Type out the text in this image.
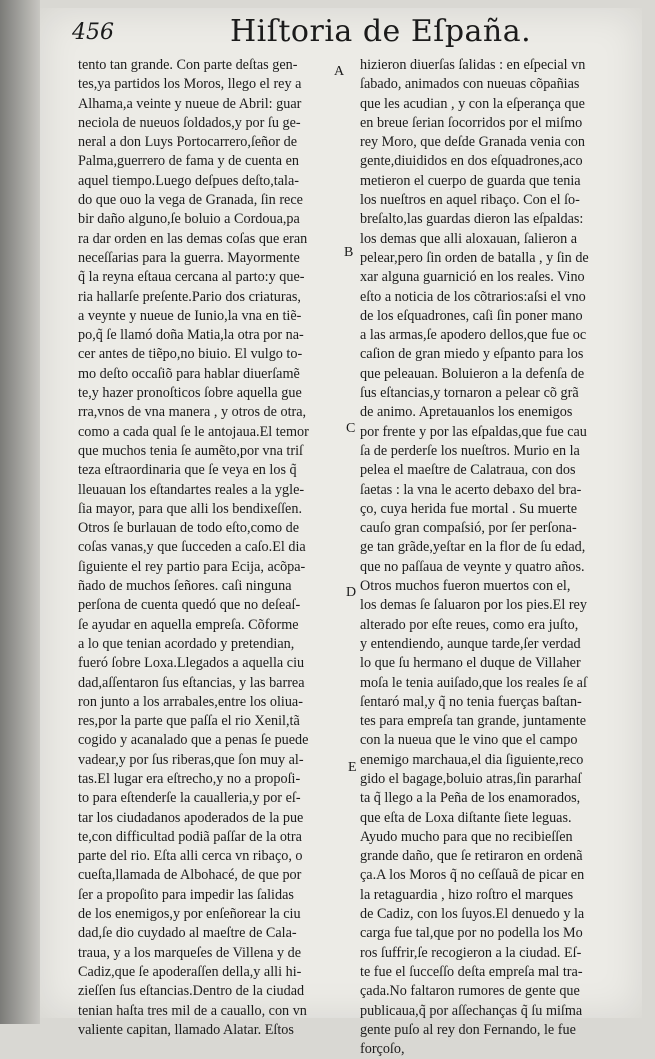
456	Hiſtoria de Eſpaña.
tento tan grande. Con parte deſtas gen-
tes,ya partidos los Moros, llego el rey a
Alhama,a veinte y nueue de Abril: guar
neciola de nueuos ſoldados,y por ſu ge-
neral a don Luys Portocarrero,ſeñor de
Palma,guerrero de fama y de cuenta en
aquel tiempo.Luego deſpues deſto,tala-
do que ouo la vega de Granada, ſin rece
bir daño alguno,ſe boluio a Cordoua,pa
ra dar orden en las demas coſas que eran
neceſſarias para la guerra. Mayormente
q̃ la reyna eſtaua cercana al parto:y que-
ria hallarſe preſente.Pario dos criaturas,
a veynte y nueue de Iunio,la vna en tiẽ-
po,q̃ ſe llamó doña Matia,la otra por na-
cer antes de tiẽpo,no biuio. El vulgo to-
mo deſto occaſiõ para hablar diuerſamẽ
te,y hazer pronoſticos ſobre aquella gue
rra,vnos de vna manera , y otros de otra,
como a cada qual ſe le antojaua.El temor
que muchos tenia ſe aumẽto,por vna triſ
teza eſtraordinaria que ſe veya en los q̃
lleuauan los eſtandartes reales a la ygle-
ſia mayor, para que alli los bendixeſſen.
Otros ſe burlauan de todo eſto,como de
coſas vanas,y que ſucceden a caſo.El dia
ſiguiente el rey partio para Ecija, acõpa-
ñado de muchos ſeñores. caſi ninguna
perſona de cuenta quedó que no deſeaſ-
ſe ayudar en aquella empreſa. Cõforme
a lo que tenian acordado y pretendian,
fueró ſobre Loxa.Llegados a aquella ciu
dad,aſſentaron ſus eſtancias, y las barrea
ron junto a los arrabales,entre los oliua-
res,por la parte que paſſa el rio Xenil,tã
cogido y acanalado que a penas ſe puede
vadear,y por ſus riberas,que ſon muy al-
tas.El lugar era eſtrecho,y no a propoſi-
to para eſtenderſe la caualleria,y por eſ-
tar los ciudadanos apoderados de la pue
te,con difficultad podiã paſſar de la otra
parte del rio. Eſta alli cerca vn ribaço, o
cueſta,llamada de Albohacé, de que por
ſer a propoſito para impedir las ſalidas
de los enemigos,y por enſeñorear la ciu
dad,ſe dio cuydado al maeſtre de Cala-
traua, y a los marqueſes de Villena y de
Cadiz,que ſe apoderaſſen della,y alli hi-
zieſſen ſus eſtancias.Dentro de la ciudad
tenian haſta tres mil de a cauallo, con vn
valiente capitan, llamado Alatar. Eſtos
hizieron diuerſas ſalidas : en eſpecial vn
ſabado, animados con nueuas cõpañias
que les acudian , y con la eſperança que
en breue ſerian ſocorridos por el miſmo
rey Moro, que deſde Granada venia con
gente,diuididos en dos eſquadrones,aco
metieron el cuerpo de guarda que tenia
los nueſtros en aquel ribaço. Con el ſo-
breſalto,las guardas dieron las eſpaldas:
los demas que alli aloxauan, ſalieron a
pelear,pero ſin orden de batalla , y ſin de
xar alguna guarnició en los reales. Vino
eſto a noticia de los cõtrarios:aſsi el vno
de los eſquadrones, caſi ſin poner mano
a las armas,ſe apodero dellos,que fue oc
caſion de gran miedo y eſpanto para los
que peleauan. Boluieron a la defenſa de
ſus eſtancias,y tornaron a pelear cõ grã
de animo. Apretauanlos los enemigos
por frente y por las eſpaldas,que fue cau
ſa de perderſe los nueſtros. Murio en la
pelea el maeſtre de Calatraua, con dos
ſaetas : la vna le acerto debaxo del bra-
ço, cuya herida fue mortal . Su muerte
cauſo gran compaſsió, por ſer perſona-
ge tan grãde,yeſtar en la flor de ſu edad,
que no paſſaua de veynte y quatro años.
Otros muchos fueron muertos con el,
los demas ſe ſaluaron por los pies.El rey
alterado por eſte reues, como era juſto,
y entendiendo, aunque tarde,ſer verdad
lo que ſu hermano el duque de Villaher
moſa le tenia auiſado,que los reales ſe aſ
ſentaró mal,y q̃ no tenia fuerças baſtan-
tes para empreſa tan grande, juntamente
con la nueua que le vino que el campo
enemigo marchaua,el dia ſiguiente,reco
gido el bagage,boluio atras,ſin pararhaſ
ta q̃ llego a la Peña de los enamorados,
que eſta de Loxa diſtante ſiete leguas.
Ayudo mucho para que no recibieſſen
grande daño, que ſe retiraron en ordenã
ça.A los Moros q̃ no ceſſauã de picar en
la retaguardia , hizo roſtro el marques
de Cadiz, con los ſuyos.El denuedo y la
carga fue tal,que por no podella los Mo
ros ſuffrir,ſe recogieron a la ciudad. Eſ-
te fue el ſucceſſo deſta empreſa mal tra-
çada.No faltaron rumores de gente que
publicaua,q̃ por aſſechanças q̃ ſu miſma
gente puſo al rey don Fernando, le fue
forçoſo,
A
B
C
D
E
